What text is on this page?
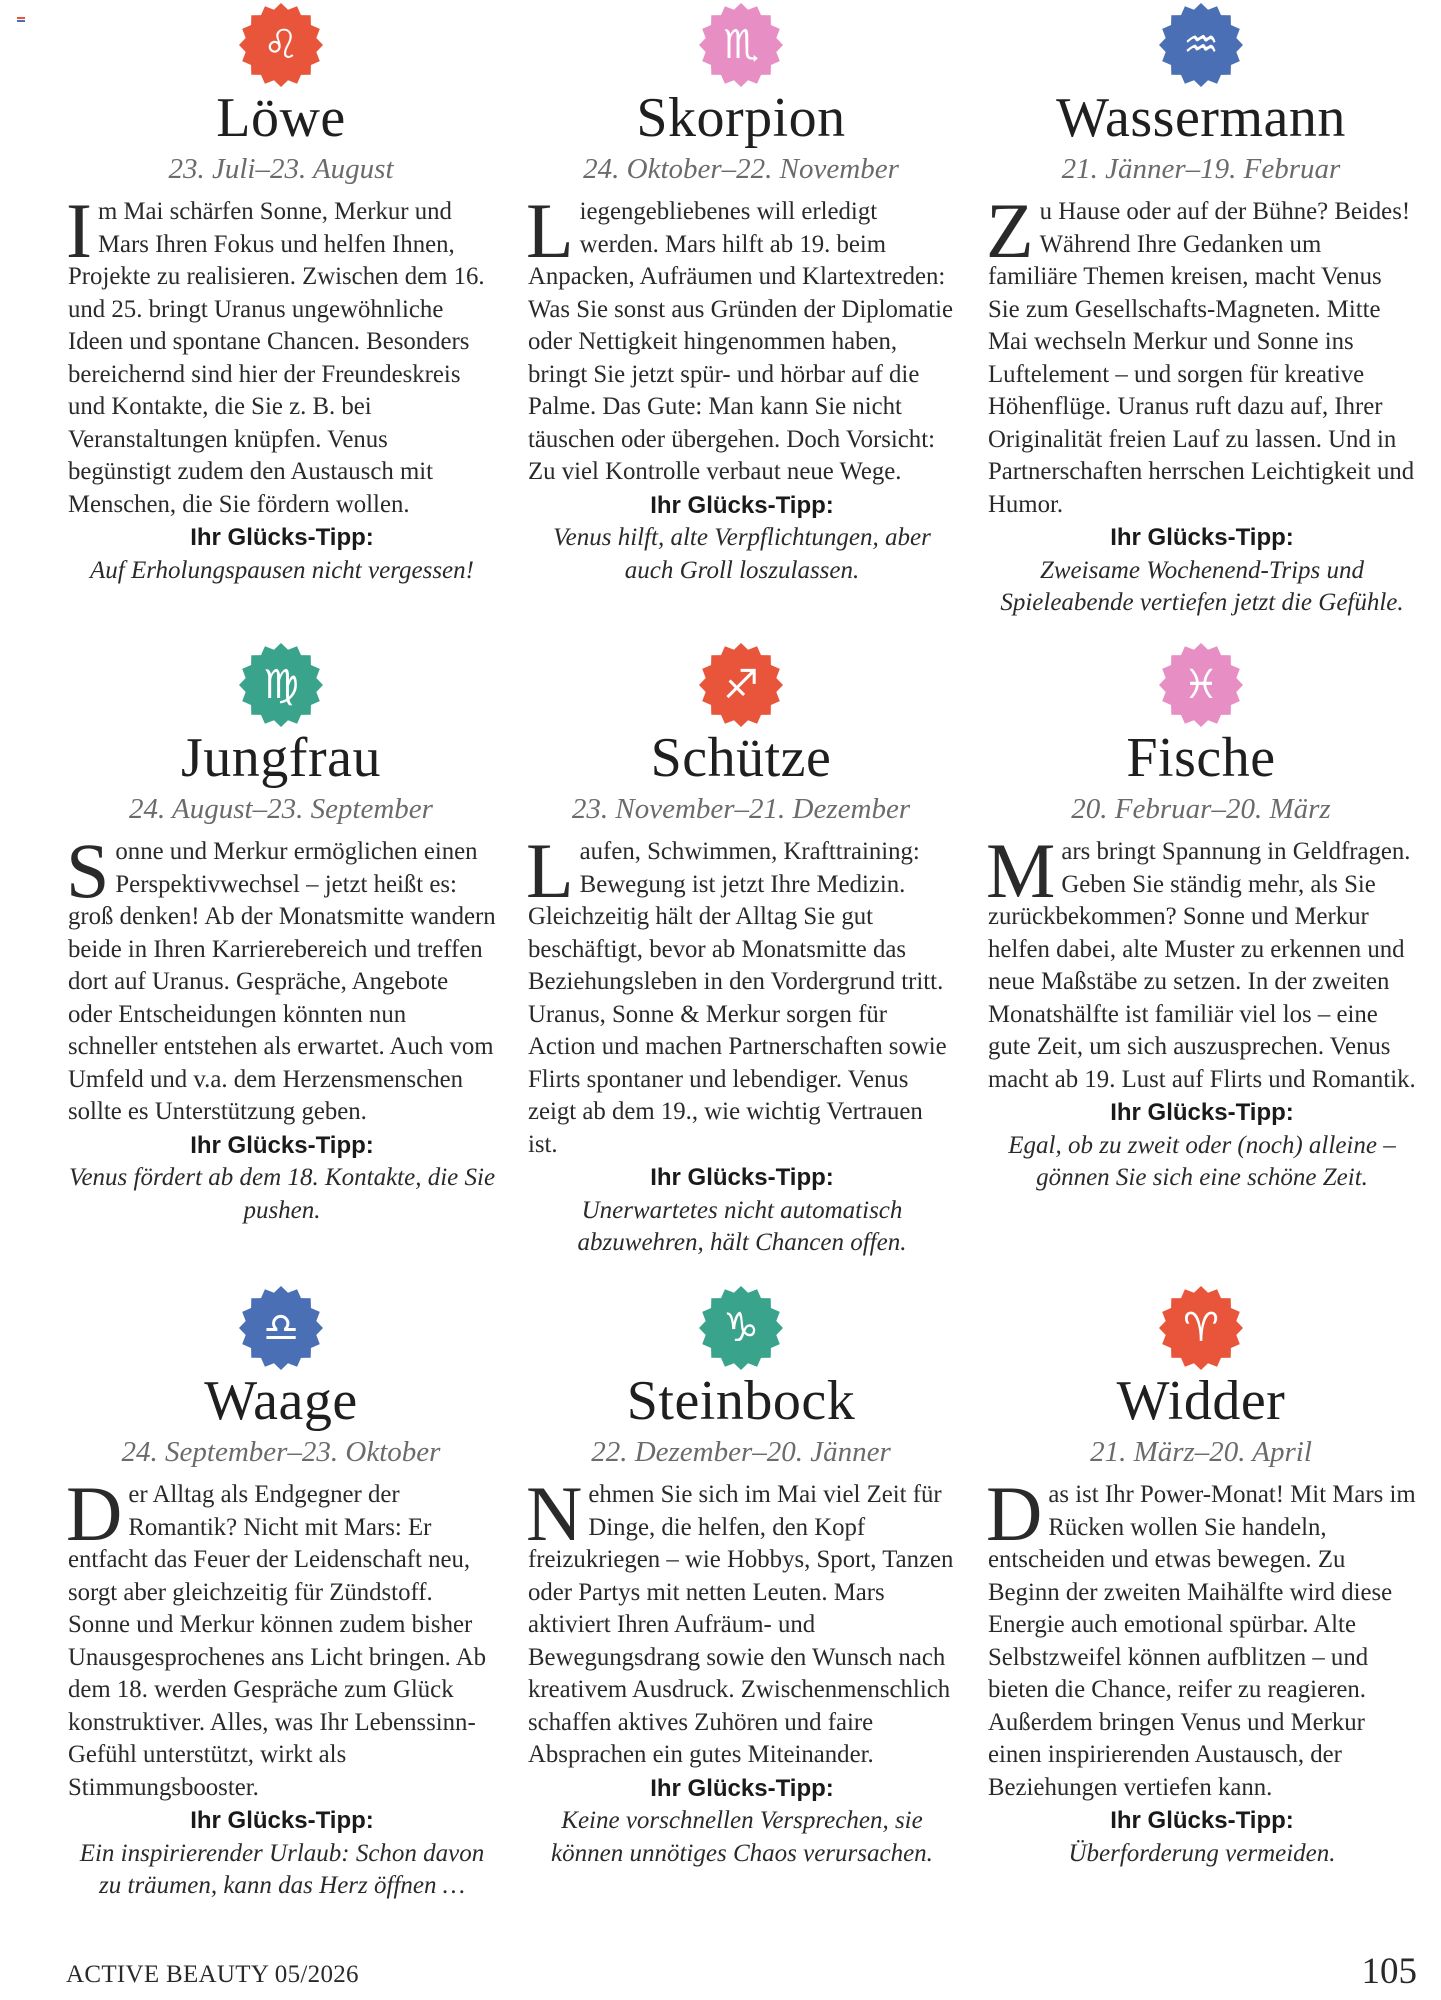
♌︎
Löwe
23. Juli–23. August
Im Mai schärfen Sonne, Merkur und Mars Ihren Fokus und helfen Ihnen, Projekte zu realisieren. Zwischen dem 16. und 25. bringt Uranus ungewöhnliche Ideen und spontane Chancen. Besonders bereichernd sind hier der Freundeskreis und Kontakte, die Sie z. B. bei Veranstaltungen knüpfen. Venus begünstigt zudem den Austausch mit Menschen, die Sie fördern wollen.
Ihr Glücks-Tipp:
Auf Erholungspausen nicht vergessen!
♏︎
Skorpion
24. Oktober–22. November
Liegengebliebenes will erledigt werden. Mars hilft ab 19. beim Anpacken, Aufräumen und Klartextreden: Was Sie sonst aus Gründen der Diplomatie oder Nettigkeit hingenommen haben, bringt Sie jetzt spür- und hörbar auf die Palme. Das Gute: Man kann Sie nicht täuschen oder übergehen. Doch Vorsicht: Zu viel Kontrolle verbaut neue Wege.
Ihr Glücks-Tipp:
Venus hilft, alte Verpflichtungen, aber auch Groll loszulassen.
♒︎
Wassermann
21. Jänner–19. Februar
Zu Hause oder auf der Bühne? Beides! Während Ihre Gedanken um familiäre Themen kreisen, macht Venus Sie zum Gesellschafts-Magneten. Mitte Mai wechseln Merkur und Sonne ins Luftelement – und sorgen für kreative Höhenflüge. Uranus ruft dazu auf, Ihrer Originalität freien Lauf zu lassen. Und in Partnerschaften herrschen Leichtigkeit und Humor.
Ihr Glücks-Tipp:
Zweisame Wochenend-Trips und Spieleabende vertiefen jetzt die Gefühle.
♍︎
Jungfrau
24. August–23. September
Sonne und Merkur ermöglichen einen Perspektivwechsel – jetzt heißt es: groß denken! Ab der Monatsmitte wandern beide in Ihren Karrierebereich und treffen dort auf Uranus. Gespräche, Angebote oder Entscheidungen könnten nun schneller entstehen als erwartet. Auch vom Umfeld und v.a. dem Herzensmenschen sollte es Unterstützung geben.
Ihr Glücks-Tipp:
Venus fördert ab dem 18. Kontakte, die Sie pushen.
♐︎
Schütze
23. November–21. Dezember
Laufen, Schwimmen, Krafttraining: Bewegung ist jetzt Ihre Medizin. Gleichzeitig hält der Alltag Sie gut beschäftigt, bevor ab Monatsmitte das Beziehungsleben in den Vordergrund tritt. Uranus, Sonne & Merkur sorgen für Action und machen Partnerschaften sowie Flirts spontaner und lebendiger. Venus zeigt ab dem 19., wie wichtig Vertrauen ist.
Ihr Glücks-Tipp:
Unerwartetes nicht automatisch abzuwehren, hält Chancen offen.
♓︎
Fische
20. Februar–20. März
Mars bringt Spannung in Geldfragen. Geben Sie ständig mehr, als Sie zurückbekommen? Sonne und Merkur helfen dabei, alte Muster zu erkennen und neue Maßstäbe zu setzen. In der zweiten Monatshälfte ist familiär viel los – eine gute Zeit, um sich auszusprechen. Venus macht ab 19. Lust auf Flirts und Romantik.
Ihr Glücks-Tipp:
Egal, ob zu zweit oder (noch) alleine – gönnen Sie sich eine schöne Zeit.
♎︎
Waage
24. September–23. Oktober
Der Alltag als Endgegner der Romantik? Nicht mit Mars: Er entfacht das Feuer der Leidenschaft neu, sorgt aber gleichzeitig für Zündstoff. Sonne und Merkur können zudem bisher Unausgesprochenes ans Licht bringen. Ab dem 18. werden Gespräche zum Glück konstruktiver. Alles, was Ihr Lebenssinn-Gefühl unterstützt, wirkt als Stimmungsbooster.
Ihr Glücks-Tipp:
Ein inspirierender Urlaub: Schon davon zu träumen, kann das Herz öffnen …
♑︎
Steinbock
22. Dezember–20. Jänner
Nehmen Sie sich im Mai viel Zeit für Dinge, die helfen, den Kopf freizukriegen – wie Hobbys, Sport, Tanzen oder Partys mit netten Leuten. Mars aktiviert Ihren Aufräum- und Bewegungsdrang sowie den Wunsch nach kreativem Ausdruck. Zwischenmenschlich schaffen aktives Zuhören und faire Absprachen ein gutes Miteinander.
Ihr Glücks-Tipp:
Keine vorschnellen Versprechen, sie können unnötiges Chaos verursachen.
♈︎
Widder
21. März–20. April
Das ist Ihr Power-Monat! Mit Mars im Rücken wollen Sie handeln, entscheiden und etwas bewegen. Zu Beginn der zweiten Maihälfte wird diese Energie auch emotional spürbar. Alte Selbstzweifel können aufblitzen – und bieten die Chance, reifer zu reagieren. Außerdem bringen Venus und Merkur einen inspirierenden Austausch, der Beziehungen vertiefen kann.
Ihr Glücks-Tipp:
Überforderung vermeiden.
ACTIVE BEAUTY 05/2026	105
